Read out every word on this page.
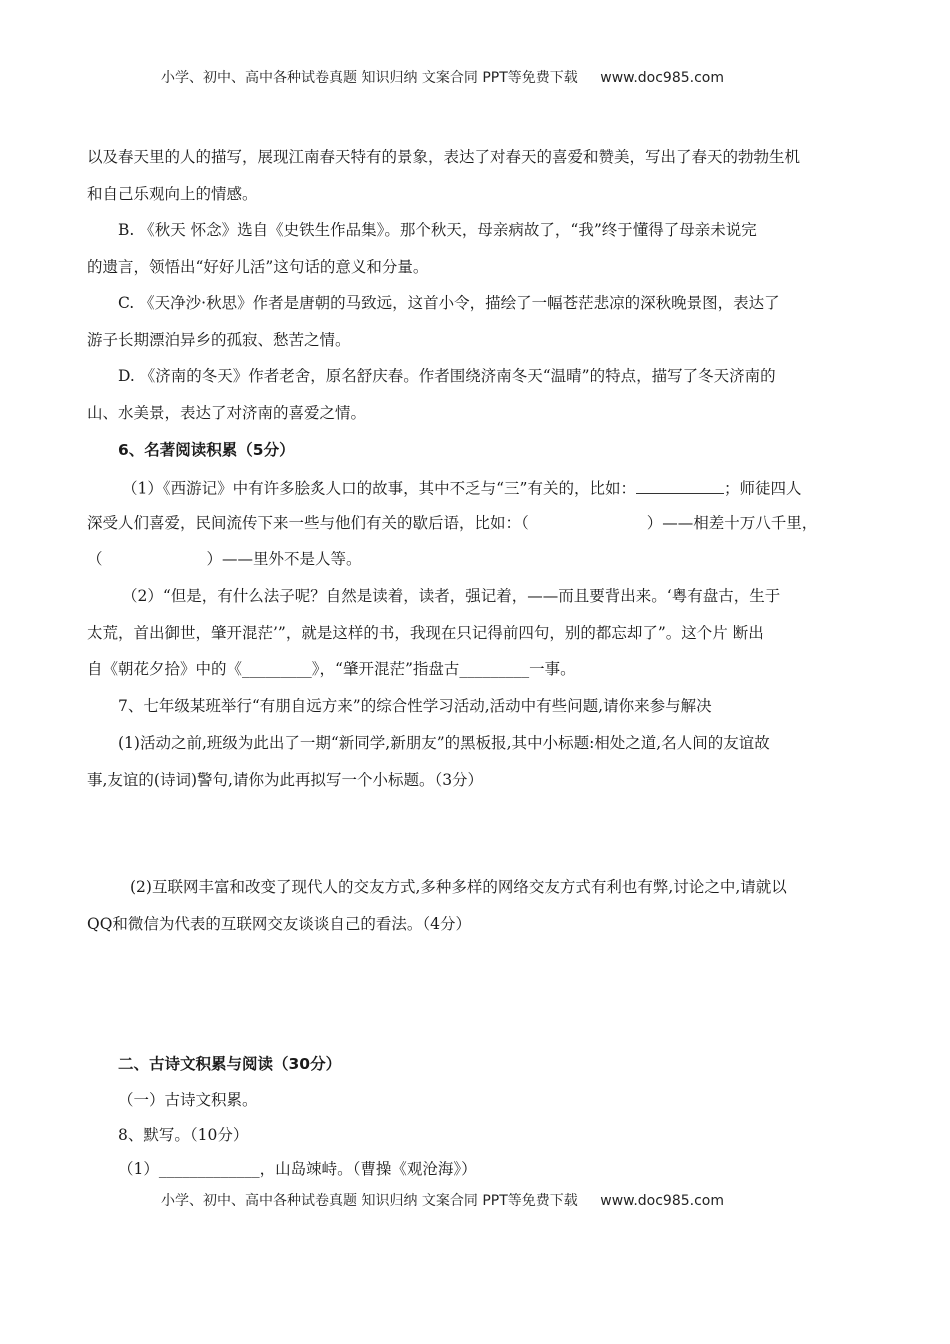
小学、初中、高中各种试卷真题 知识归纳 文案合同 PPT等免费下载 www.doc985.com
以及春天里的人的描写，展现江南春天特有的景象，表达了对春天的喜爱和赞美，写出了春天的勃勃生机
和自己乐观向上的情感。
B. 《秋天 怀念》选自《史铁生作品集》。那个秋天，母亲病故了，“我”终于懂得了母亲未说完
的遗言，领悟出“好好儿活”这句话的意义和分量。
C. 《天净沙·秋思》作者是唐朝的马致远，这首小令，描绘了一幅苍茫悲凉的深秋晚景图，表达了
游子长期漂泊异乡的孤寂、愁苦之情。
D. 《济南的冬天》作者老舍，原名舒庆春。作者围绕济南冬天“温晴”的特点，描写了冬天济南的
山、水美景，表达了对济南的喜爱之情。
6、名著阅读积累（5分）
（1）《西游记》中有许多脍炙人口的故事，其中不乏与“三”有关的，比如：	；师徒四人
深受人们喜爱，民间流传下来一些与他们有关的歇后语，比如：（	）——相差十万八千里，
（	）——里外不是人等。
（2）“但是，有什么法子呢？自然是读着，读者，强记着，——而且要背出来。‘粤有盘古，生于
太荒，首出御世，肇开混茫’”，就是这样的书，我现在只记得前四句，别的都忘却了”。这个片 断出
自《朝花夕拾》中的《_________》，“肇开混茫”指盘古_________一事。
7、七年级某班举行“有朋自远方来”的综合性学习活动,活动中有些问题,请你来参与解决
(1)活动之前,班级为此出了一期“新同学,新朋友”的黑板报,其中小标题:相处之道,名人间的友谊故
事,友谊的(诗词)警句,请你为此再拟写一个小标题。（3分）
(2)互联网丰富和改变了现代人的交友方式,多种多样的网络交友方式有利也有弊,讨论之中,请就以
QQ和微信为代表的互联网交友谈谈自己的看法。（4分）
二、古诗文积累与阅读（30分）
（一）古诗文积累。
8、默写。（10分）
（1）_____________，山岛竦峙。（曹操《观沧海》）
小学、初中、高中各种试卷真题 知识归纳 文案合同 PPT等免费下载 www.doc985.com
